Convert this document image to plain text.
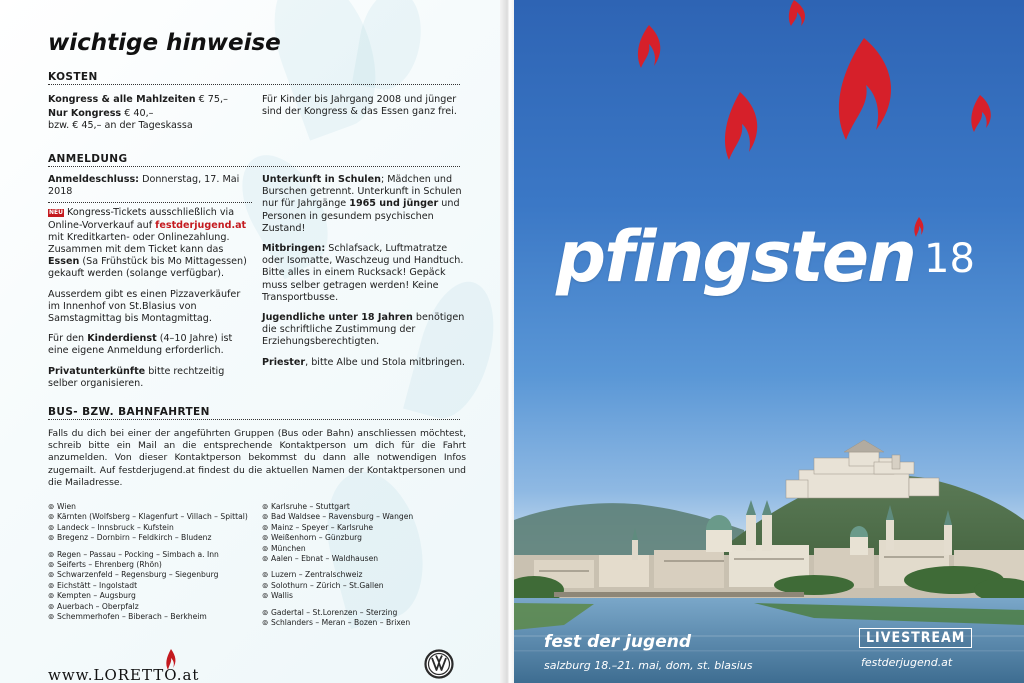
wichtige hinweise
KOSTEN
Kongress & alle Mahlzeiten € 75,–
Nur Kongress € 40,–
bzw. € 45,– an der Tageskassa
Für Kinder bis Jahrgang 2008 und jünger sind der Kongress & das Essen ganz frei.
ANMELDUNG
Anmeldeschluss: Donnerstag, 17. Mai 2018
NEU Kongress-Tickets ausschließlich via Online-Vorverkauf auf festderjugend.at mit Kreditkarten- oder Onlinezahlung. Zusammen mit dem Ticket kann das Essen (Sa Frühstück bis Mo Mittagessen) gekauft werden (solange verfügbar).
Ausserdem gibt es einen Pizzaverkäufer im Innenhof von St.Blasius von Samstagmittag bis Montagmittag.
Für den Kinderdienst (4–10 Jahre) ist eine eigene Anmeldung erforderlich.
Privatunterkünfte bitte rechtzeitig selber organisieren.
Unterkunft in Schulen; Mädchen und Burschen getrennt. Unterkunft in Schulen nur für Jahrgänge 1965 und jünger und Personen in gesundem psychischen Zustand!
Mitbringen: Schlafsack, Luftmatratze oder Isomatte, Waschzeug und Handtuch. Bitte alles in einem Rucksack! Gepäck muss selber getragen werden! Keine Transportbusse.
Jugendliche unter 18 Jahren benötigen die schriftliche Zustimmung der Erziehungsberechtigten.
Priester, bitte Albe und Stola mitbringen.
BUS- BZW. BAHNFAHRTEN
Falls du dich bei einer der angeführten Gruppen (Bus oder Bahn) anschliessen möchtest, schreib bitte ein Mail an die entsprechende Kontaktperson um dich für die Fahrt anzumelden. Von dieser Kontaktperson bekommst du dann alle notwendigen Infos zugemailt. Auf festderjugend.at findest du die aktuellen Namen der Kontaktpersonen und die Mailadresse.
⊚ Wien
⊚ Kärnten (Wolfsberg – Klagenfurt – Villach – Spittal)
⊚ Landeck – Innsbruck – Kufstein
⊚ Bregenz – Dornbirn – Feldkirch – Bludenz
⊚ Regen – Passau – Pocking – Simbach a. Inn
⊚ Seiferts – Ehrenberg (Rhön)
⊚ Schwarzenfeld – Regensburg – Siegenburg
⊚ Eichstätt – Ingolstadt
⊚ Kempten – Augsburg
⊚ Auerbach – Oberpfalz
⊚ Schemmerhofen – Biberach – Berkheim
⊚ Karlsruhe – Stuttgart
⊚ Bad Waldsee – Ravensburg – Wangen
⊚ Mainz – Speyer – Karlsruhe
⊚ Weißenhorn – Günzburg
⊚ München
⊚ Aalen – Ebnat – Waldhausen
⊚ Luzern – Zentralschweiz
⊚ Solothurn – Zürich – St.Gallen
⊚ Wallis
⊚ Gadertal – St.Lorenzen – Sterzing
⊚ Schlanders – Meran – Bozen – Brixen
www.LORETTO.at
pfingsten 18
fest der jugend
salzburg 18.–21. mai, dom, st. blasius
LIVESTREAM
festderjugend.at
